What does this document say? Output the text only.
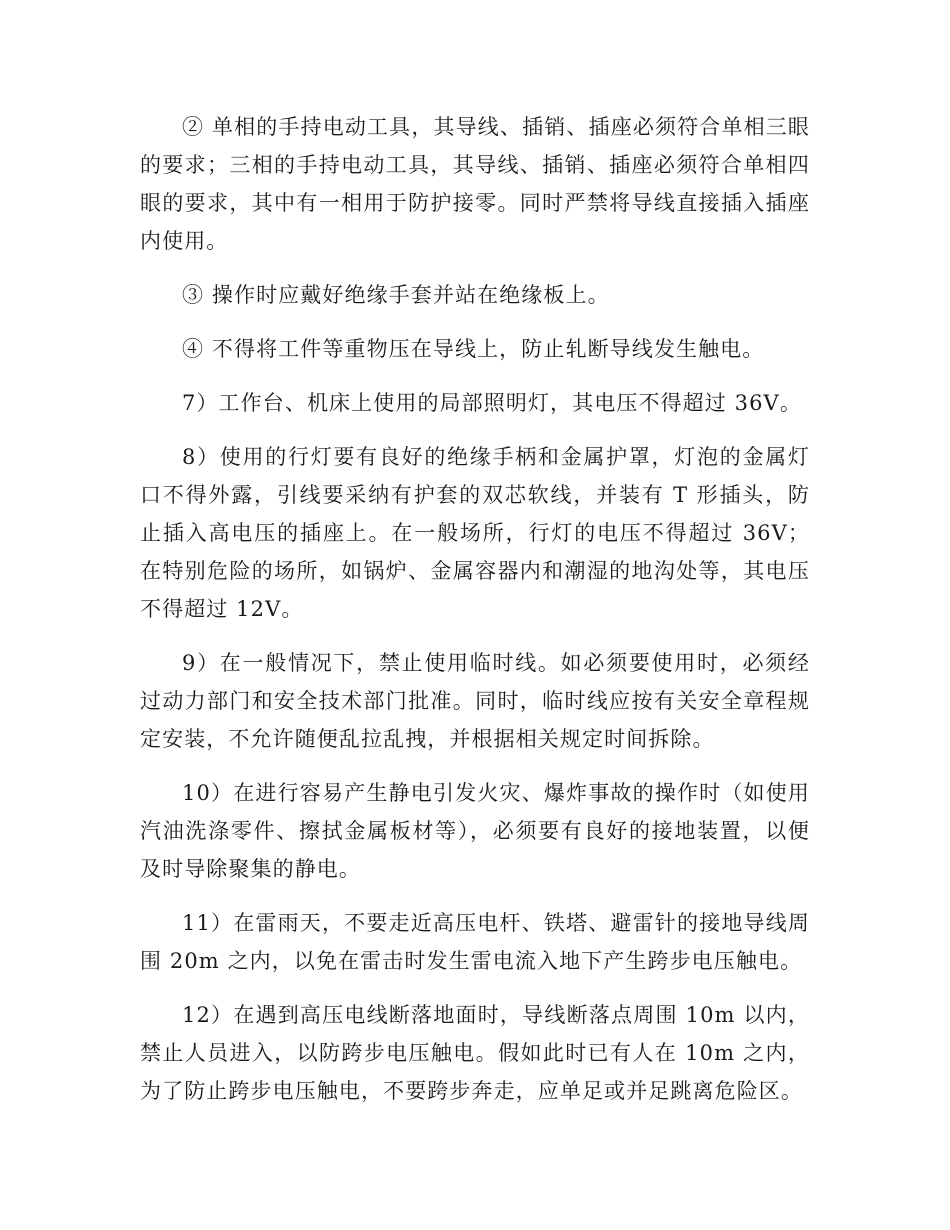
② 单相的手持电动工具，其导线、插销、插座必须符合单相三眼的要求；三相的手持电动工具，其导线、插销、插座必须符合单相四眼的要求，其中有一相用于防护接零。同时严禁将导线直接插入插座内使用。

③ 操作时应戴好绝缘手套并站在绝缘板上。

④ 不得将工件等重物压在导线上，防止轧断导线发生触电。

7）工作台、机床上使用的局部照明灯，其电压不得超过 36V。

8）使用的行灯要有良好的绝缘手柄和金属护罩，灯泡的金属灯口不得外露，引线要采纳有护套的双芯软线，并装有 T 形插头，防止插入高电压的插座上。在一般场所，行灯的电压不得超过 36V；在特别危险的场所，如锅炉、金属容器内和潮湿的地沟处等，其电压不得超过 12V。

9）在一般情况下，禁止使用临时线。如必须要使用时，必须经过动力部门和安全技术部门批准。同时，临时线应按有关安全章程规定安装，不允许随便乱拉乱拽，并根据相关规定时间拆除。

10）在进行容易产生静电引发火灾、爆炸事故的操作时（如使用汽油洗涤零件、擦拭金属板材等），必须要有良好的接地装置，以便及时导除聚集的静电。

11）在雷雨天，不要走近高压电杆、铁塔、避雷针的接地导线周围 20m 之内，以免在雷击时发生雷电流入地下产生跨步电压触电。

12）在遇到高压电线断落地面时，导线断落点周围 10m 以内，禁止人员进入，以防跨步电压触电。假如此时已有人在 10m 之内，为了防止跨步电压触电，不要跨步奔走，应单足或并足跳离危险区。
